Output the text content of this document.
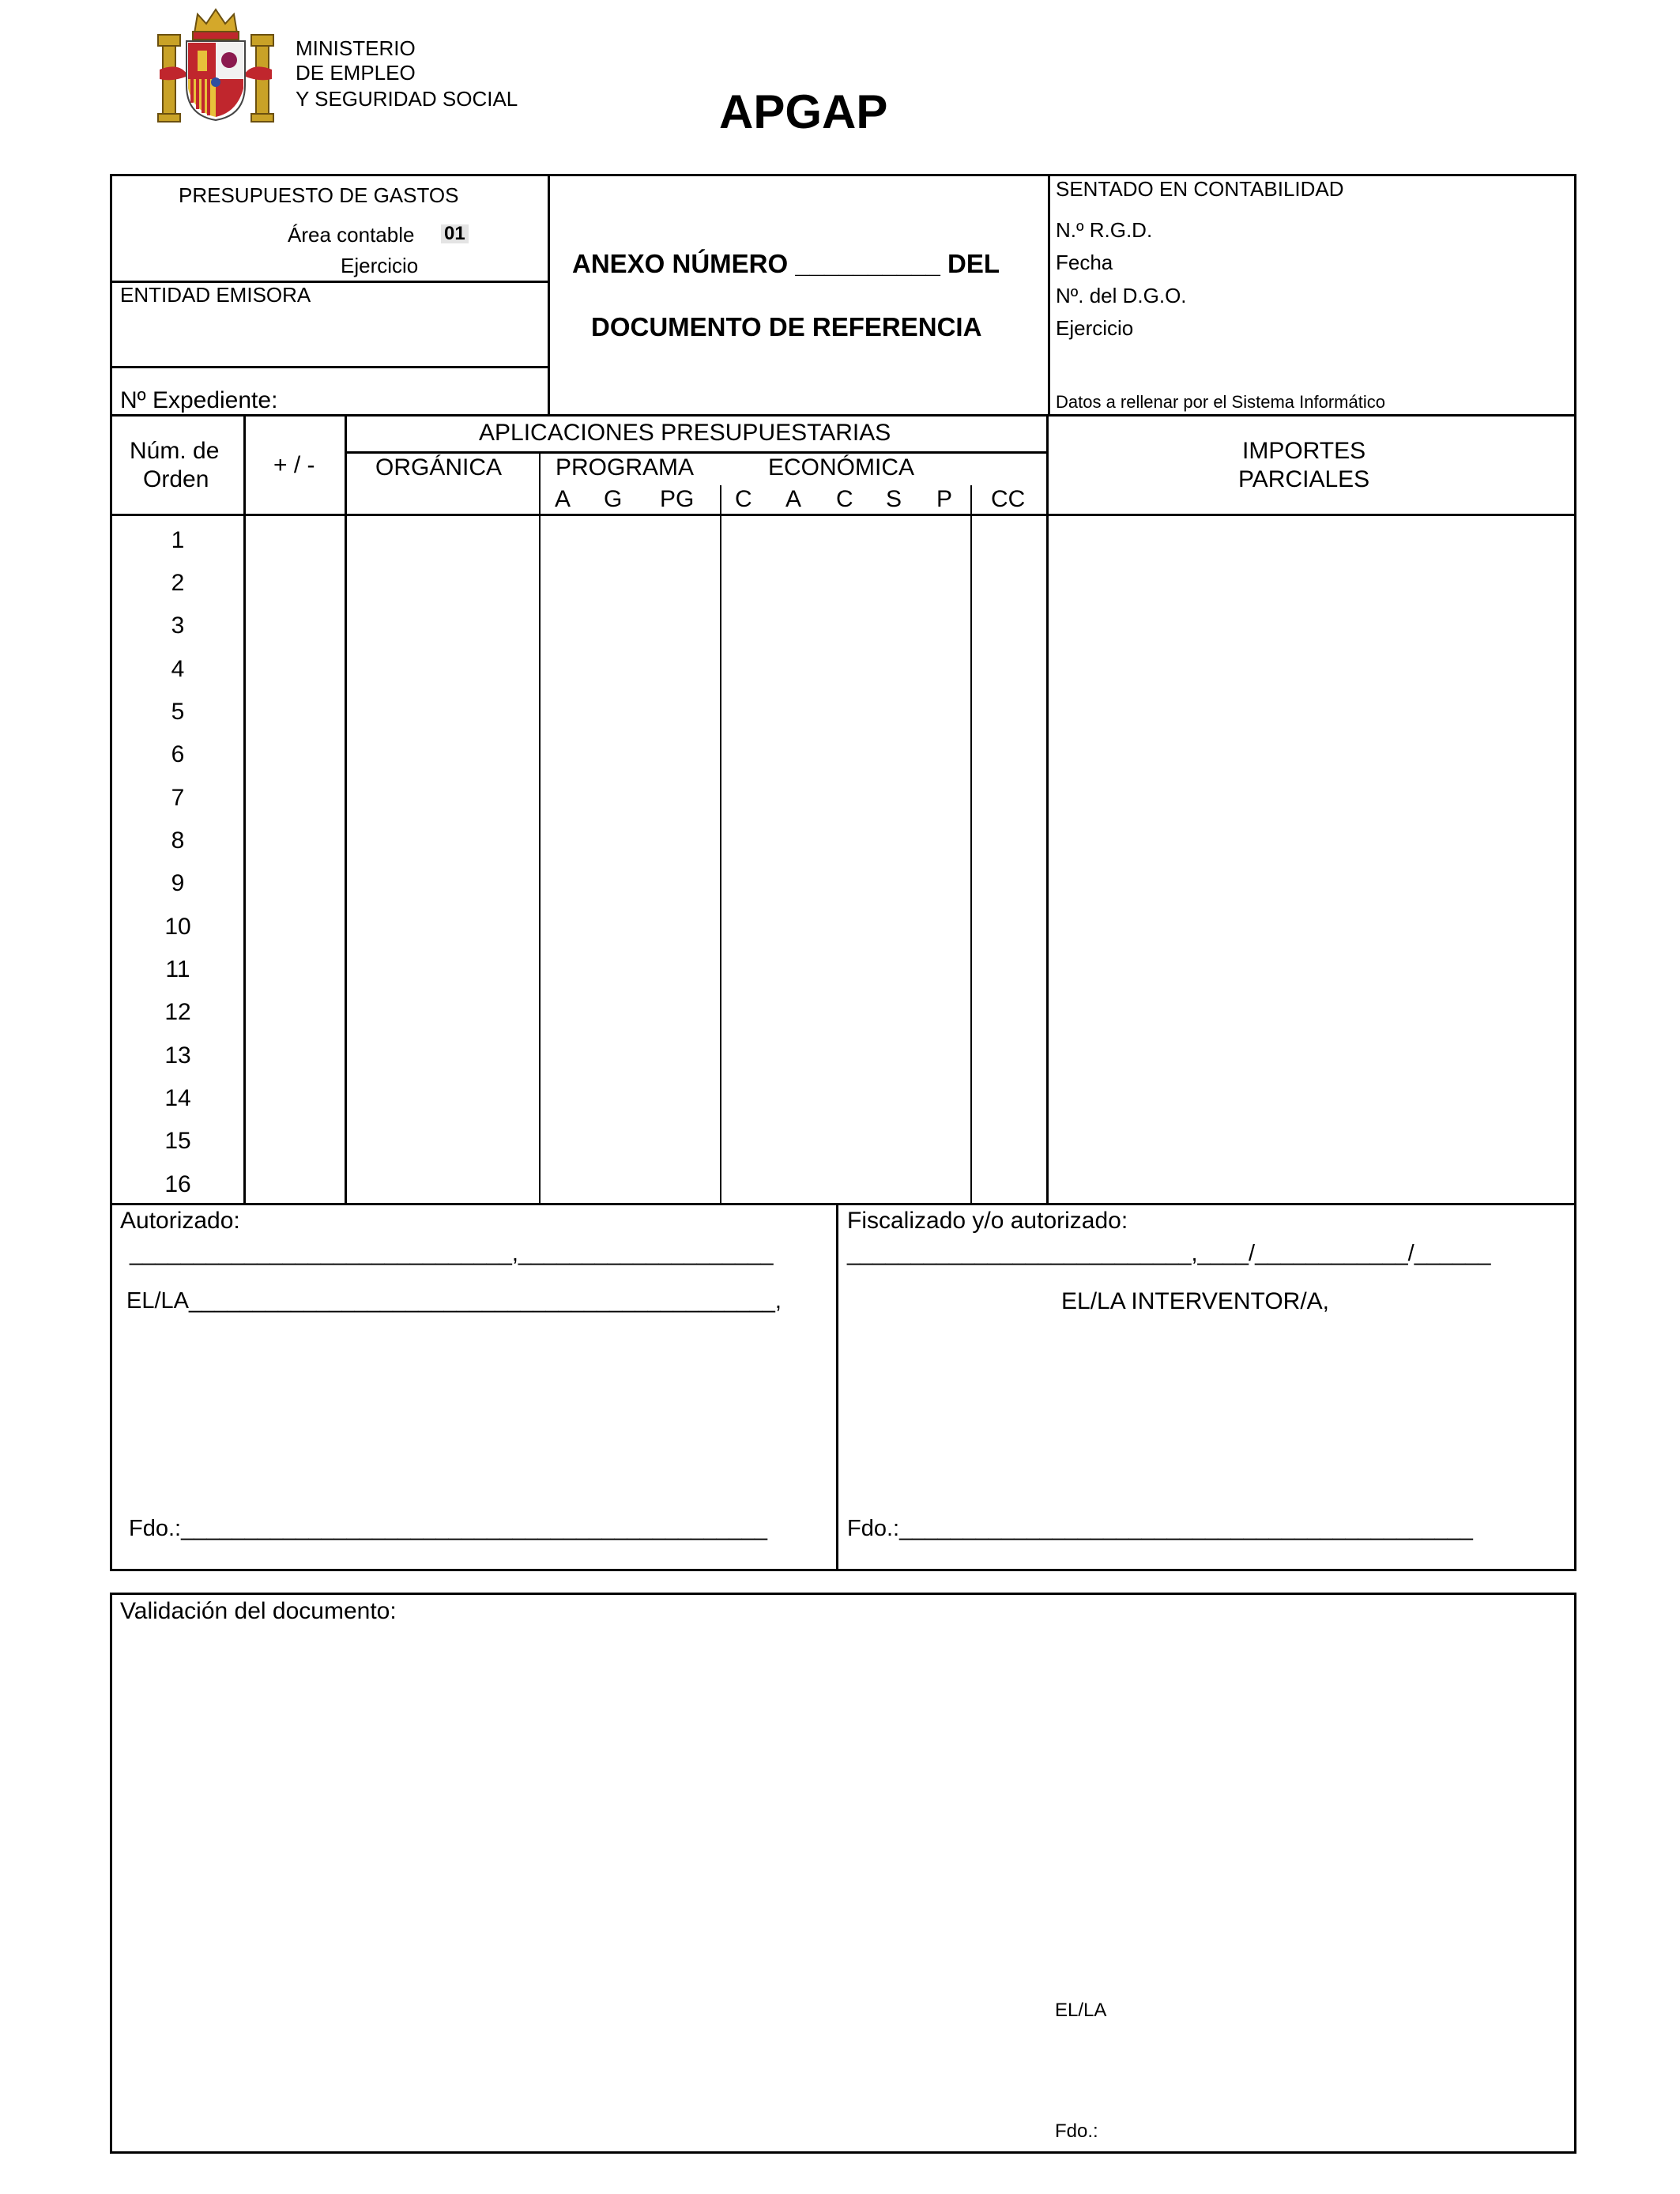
MINISTERIO
DE EMPLEO
Y SEGURIDAD SOCIAL	APGAP
PRESUPUESTO DE GASTOS
Área contable 01
Ejercicio
ENTIDAD EMISORA
Nº Expediente:
ANEXO NÚMERO __________ DEL
DOCUMENTO DE REFERENCIA
SENTADO EN CONTABILIDAD
N.º R.G.D.
Fecha
Nº. del D.G.O.
Ejercicio
Datos a rellenar por el Sistema Informático
Núm. de
Orden
+ / -
APLICACIONES PRESUPUESTARIAS
ORGÁNICA PROGRAMA	ECONÓMICA
A G PG C A C S P CC
IMPORTES
PARCIALES
1
2
3
4
5
6
7
8
9
10
11
12
13
14
15
16
Autorizado:
______________________________,____________________
EL/LA______________________________________________,
Fdo.:______________________________________________
Fiscalizado y/o autorizado:
___________________________,____/____________/______
EL/LA INTERVENTOR/A,
Fdo.:_____________________________________________
Validación del documento:
EL/LA
Fdo.:
